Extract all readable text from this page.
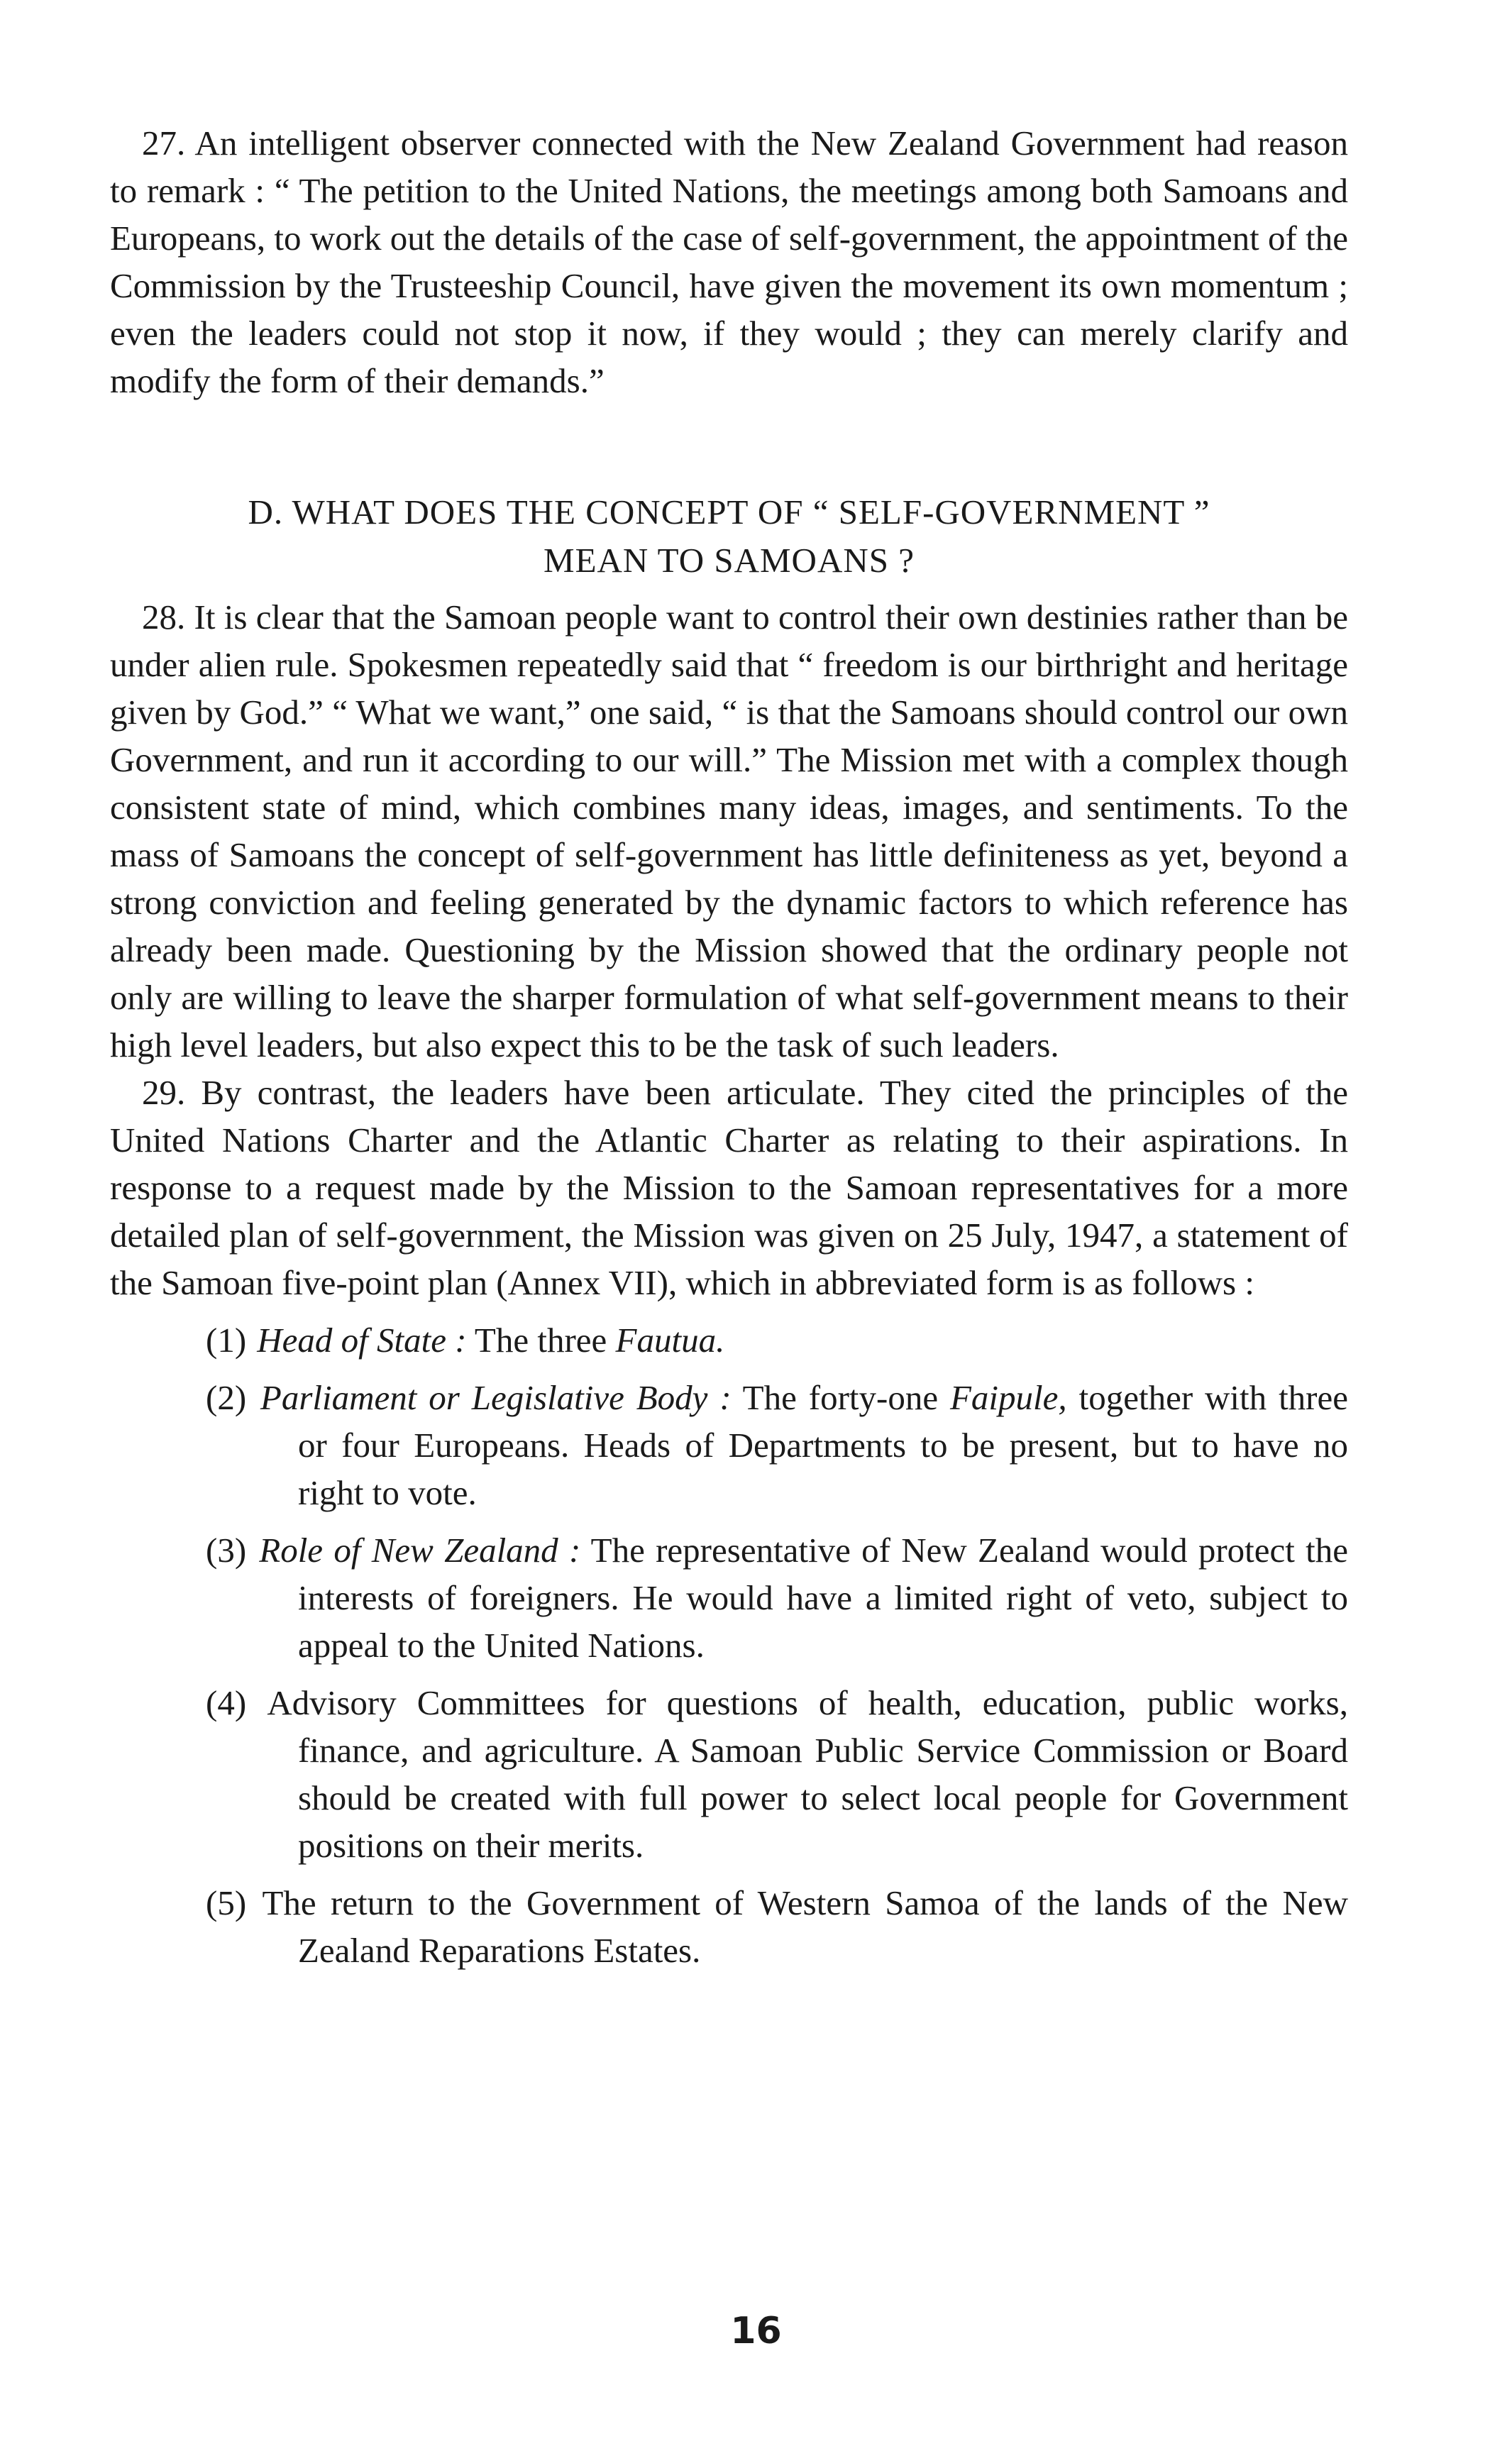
27. An intelligent observer connected with the New Zealand Government had reason to remark : “ The petition to the United Nations, the meetings among both Samoans and Europeans, to work out the details of the case of self-government, the appointment of the Commission by the Trusteeship Council, have given the movement its own momentum ; even the leaders could not stop it now, if they would ; they can merely clarify and modify the form of their demands.”

D. WHAT DOES THE CONCEPT OF “ SELF-GOVERNMENT ”
MEAN TO SAMOANS ?

28. It is clear that the Samoan people want to control their own destinies rather than be under alien rule. Spokesmen repeatedly said that “ freedom is our birthright and heritage given by God.” “ What we want,” one said, “ is that the Samoans should control our own Government, and run it according to our will.” The Mission met with a complex though consistent state of mind, which combines many ideas, images, and sentiments. To the mass of Samoans the concept of self-government has little definiteness as yet, beyond a strong conviction and feeling generated by the dynamic factors to which reference has already been made. Questioning by the Mission showed that the ordinary people not only are willing to leave the sharper formulation of what self-government means to their high level leaders, but also expect this to be the task of such leaders.

29. By contrast, the leaders have been articulate. They cited the principles of the United Nations Charter and the Atlantic Charter as relating to their aspirations. In response to a request made by the Mission to the Samoan representatives for a more detailed plan of self-government, the Mission was given on 25 July, 1947, a statement of the Samoan five-point plan (Annex VII), which in abbreviated form is as follows :

(1) Head of State : The three Fautua.
(2) Parliament or Legislative Body : The forty-one Faipule, together with three or four Europeans. Heads of Departments to be present, but to have no right to vote.
(3) Role of New Zealand : The representative of New Zealand would protect the interests of foreigners. He would have a limited right of veto, subject to appeal to the United Nations.
(4) Advisory Committees for questions of health, education, public works, finance, and agriculture. A Samoan Public Service Commission or Board should be created with full power to select local people for Government positions on their merits.
(5) The return to the Government of Western Samoa of the lands of the New Zealand Reparations Estates.
16
